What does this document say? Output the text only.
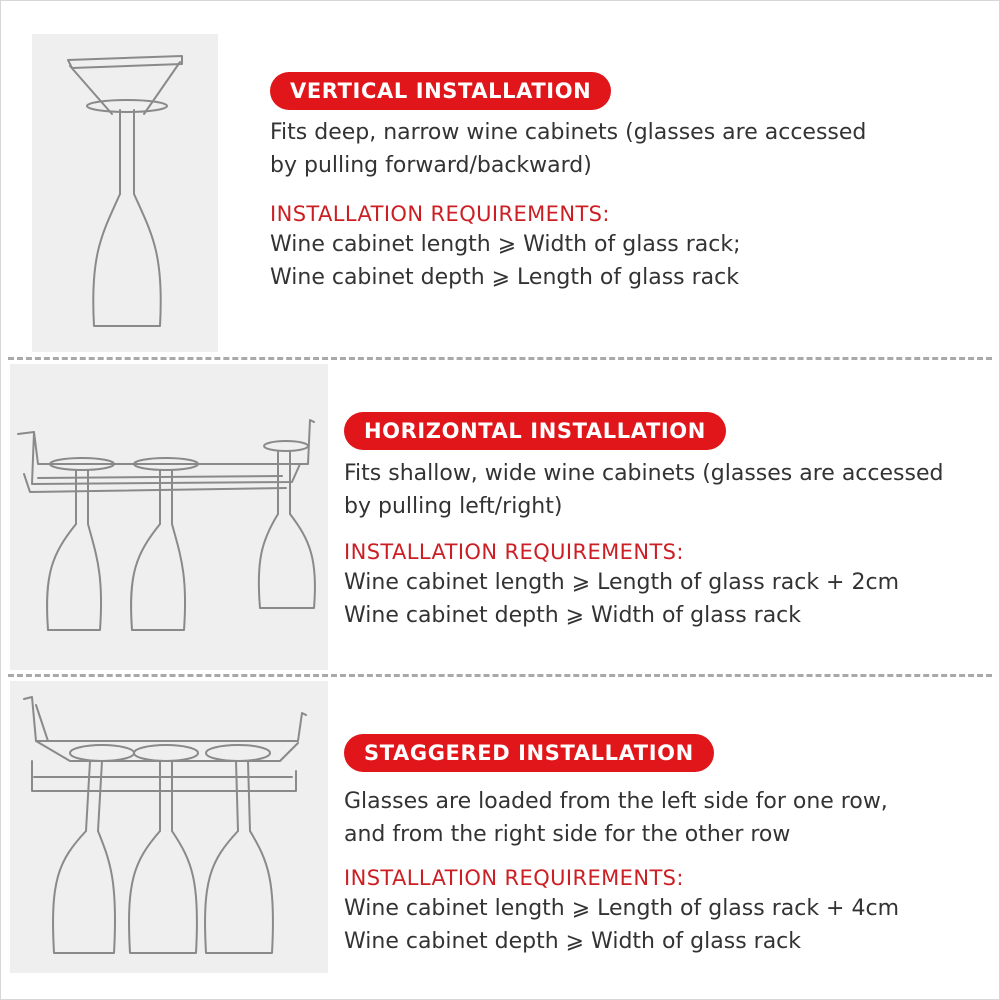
VERTICAL INSTALLATION
Fits deep, narrow wine cabinets (glasses are accessed
by pulling forward/backward)
INSTALLATION REQUIREMENTS:
Wine cabinet length ⩾ Width of glass rack;
Wine cabinet depth ⩾ Length of glass rack
HORIZONTAL INSTALLATION
Fits shallow, wide wine cabinets (glasses are accessed
by pulling left/right)
INSTALLATION REQUIREMENTS:
Wine cabinet length ⩾ Length of glass rack + 2cm
Wine cabinet depth ⩾ Width of glass rack
STAGGERED INSTALLATION
Glasses are loaded from the left side for one row,
and from the right side for the other row
INSTALLATION REQUIREMENTS:
Wine cabinet length ⩾ Length of glass rack + 4cm
Wine cabinet depth ⩾ Width of glass rack
